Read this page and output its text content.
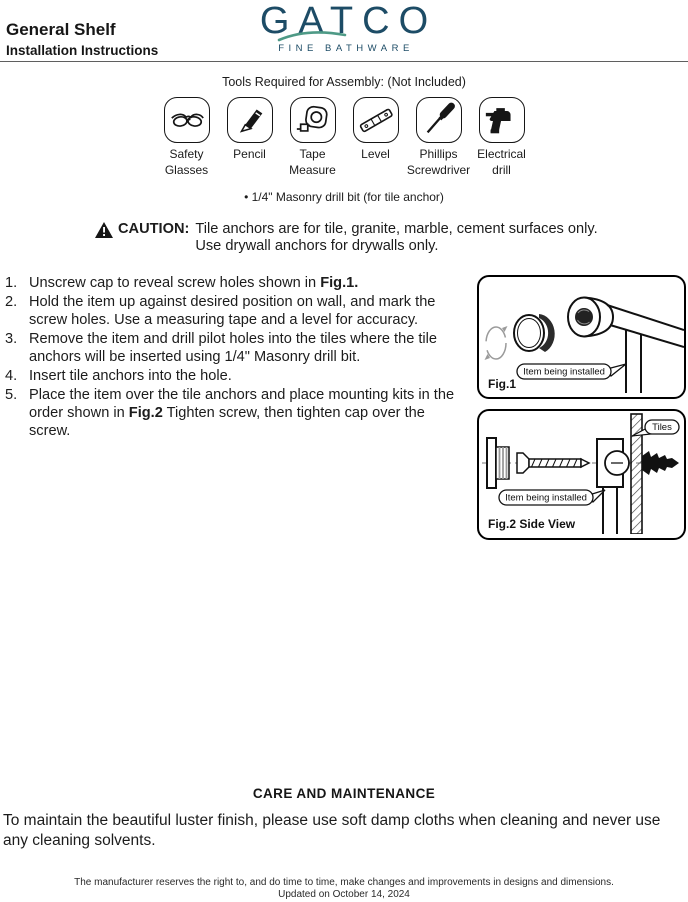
General Shelf
Installation Instructions
GATCO
FINE BATHWARE
Tools Required for Assembly: (Not Included)
Safety Glasses
Pencil	Tape Measure
Level	Phillips Screwdriver
Electrical drill
• 1/4" Masonry drill bit (for tile anchor)
CAUTION: Tile anchors are for tile, granite, marble, cement surfaces only.
Use drywall anchors for drywalls only.
1. Unscrew cap to reveal screw holes shown in Fig.1.
2. Hold the item up against desired position on wall, and mark the screw holes. Use a measuring tape and a level for accuracy.
3. Remove the item and drill pilot holes into the tiles where the tile anchors will be inserted using 1/4" Masonry drill bit.
4. Insert tile anchors into the hole.
5. Place the item over the tile anchors and place mounting kits in the order shown in Fig.2 Tighten screw, then tighten cap over the screw.
Item being installed
Fig.1
Tiles
Item being installed
Fig.2 Side View
CARE AND MAINTENANCE
To maintain the beautiful luster finish, please use soft damp cloths when cleaning and never use any cleaning solvents.
The manufacturer reserves the right to, and do time to time, make changes and improvements in designs and dimensions.
Updated on October 14, 2024
